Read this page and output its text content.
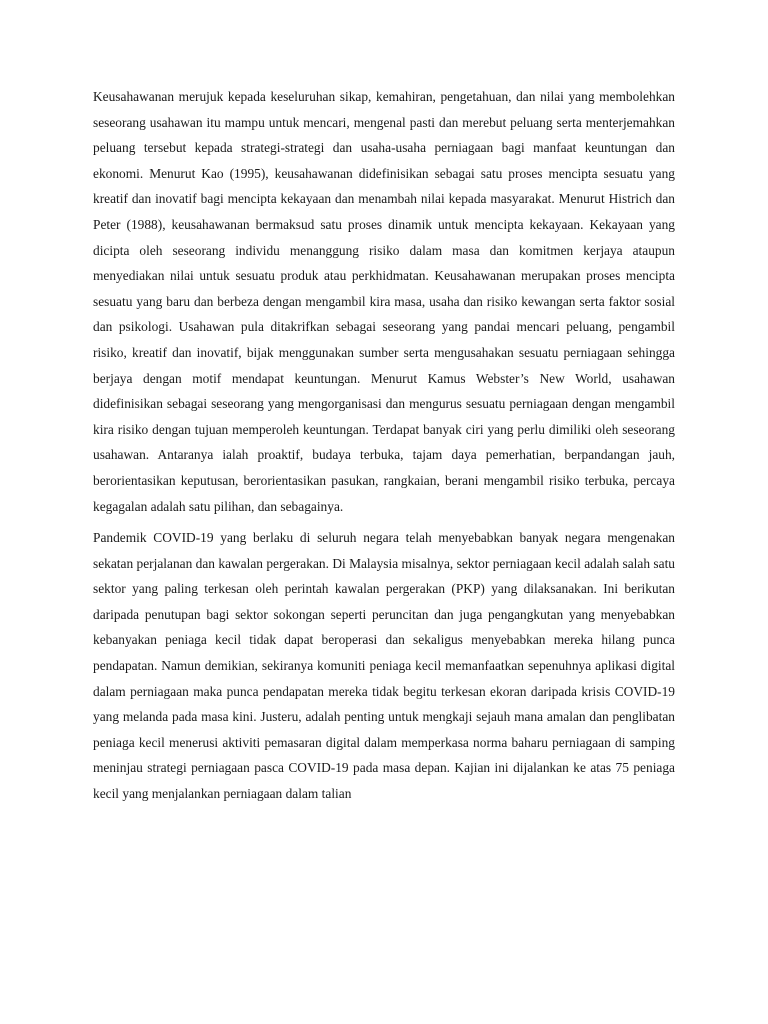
Keusahawanan merujuk kepada keseluruhan sikap, kemahiran, pengetahuan, dan nilai yang membolehkan seseorang usahawan itu mampu untuk mencari, mengenal pasti dan merebut peluang serta menterjemahkan peluang tersebut kepada strategi-strategi dan usaha-usaha perniagaan bagi manfaat keuntungan dan ekonomi. Menurut Kao (1995), keusahawanan didefinisikan sebagai satu proses mencipta sesuatu yang kreatif dan inovatif bagi mencipta kekayaan dan menambah nilai kepada masyarakat. Menurut Histrich dan Peter (1988), keusahawanan bermaksud satu proses dinamik untuk mencipta kekayaan. Kekayaan yang dicipta oleh seseorang individu menanggung risiko dalam masa dan komitmen kerjaya ataupun menyediakan nilai untuk sesuatu produk atau perkhidmatan. Keusahawanan merupakan proses mencipta sesuatu yang baru dan berbeza dengan mengambil kira masa, usaha dan risiko kewangan serta faktor sosial dan psikologi. Usahawan pula ditakrifkan sebagai seseorang yang pandai mencari peluang, pengambil risiko, kreatif dan inovatif, bijak menggunakan sumber serta mengusahakan sesuatu perniagaan sehingga berjaya dengan motif mendapat keuntungan. Menurut Kamus Webster’s New World, usahawan didefinisikan sebagai seseorang yang mengorganisasi dan mengurus sesuatu perniagaan dengan mengambil kira risiko dengan tujuan memperoleh keuntungan. Terdapat banyak ciri yang perlu dimiliki oleh seseorang usahawan. Antaranya ialah proaktif, budaya terbuka, tajam daya pemerhatian, berpandangan jauh, berorientasikan keputusan, berorientasikan pasukan, rangkaian, berani mengambil risiko terbuka, percaya kegagalan adalah satu pilihan, dan sebagainya.

Pandemik COVID-19 yang berlaku di seluruh negara telah menyebabkan banyak negara mengenakan sekatan perjalanan dan kawalan pergerakan. Di Malaysia misalnya, sektor perniagaan kecil adalah salah satu sektor yang paling terkesan oleh perintah kawalan pergerakan (PKP) yang dilaksanakan. Ini berikutan daripada penutupan bagi sektor sokongan seperti peruncitan dan juga pengangkutan yang menyebabkan kebanyakan peniaga kecil tidak dapat beroperasi dan sekaligus menyebabkan mereka hilang punca pendapatan. Namun demikian, sekiranya komuniti peniaga kecil memanfaatkan sepenuhnya aplikasi digital dalam perniagaan maka punca pendapatan mereka tidak begitu terkesan ekoran daripada krisis COVID-19 yang melanda pada masa kini. Justeru, adalah penting untuk mengkaji sejauh mana amalan dan penglibatan peniaga kecil menerusi aktiviti pemasaran digital dalam memperkasa norma baharu perniagaan di samping meninjau strategi perniagaan pasca COVID-19 pada masa depan. Kajian ini dijalankan ke atas 75 peniaga kecil yang menjalankan perniagaan dalam talian
